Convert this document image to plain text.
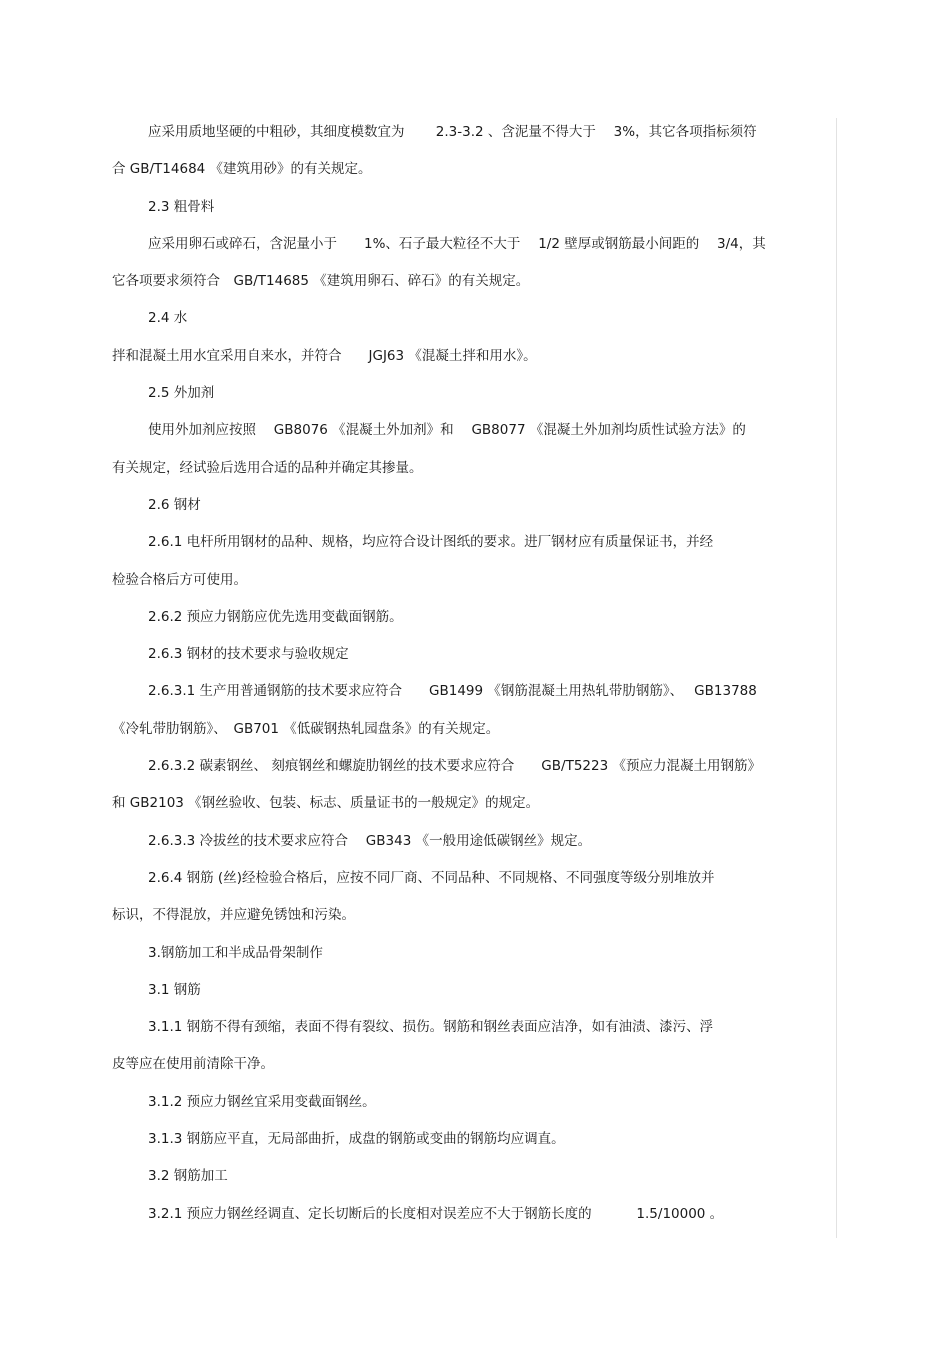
应采用质地坚硬的中粗砂，其细度模数宜为　　 2.3-3.2 、含泥量不得大于　 3%，其它各项指标须符
合 GB/T14684 《建筑用砂》的有关规定。
2.3 粗骨料
应采用卵石或碎石，含泥量小于　　1%、石子最大粒径不大于　 1/2 壁厚或钢筋最小间距的　 3/4，其
它各项要求须符合　GB/T14685 《建筑用卵石、碎石》的有关规定。
2.4 水
拌和混凝土用水宜采用自来水，并符合　　JGJ63 《混凝土拌和用水》。
2.5 外加剂
使用外加剂应按照　 GB8076 《混凝土外加剂》和　 GB8077 《混凝土外加剂均质性试验方法》的
有关规定，经试验后选用合适的品种并确定其掺量。
2.6 钢材
2.6.1 电杆所用钢材的品种、规格，均应符合设计图纸的要求。进厂钢材应有质量保证书，并经
检验合格后方可使用。
2.6.2 预应力钢筋应优先选用变截面钢筋。
2.6.3 钢材的技术要求与验收规定
2.6.3.1 生产用普通钢筋的技术要求应符合　　GB1499 《钢筋混凝土用热轧带肋钢筋》、　 GB13788
《冷轧带肋钢筋》、　GB701 《低碳钢热轧园盘条》的有关规定。
2.6.3.2 碳素钢丝、 刻痕钢丝和螺旋肋钢丝的技术要求应符合　　GB/T5223 《预应力混凝土用钢筋》
和 GB2103 《钢丝验收、包装、标志、质量证书的一般规定》的规定。
2.6.3.3 冷拔丝的技术要求应符合　 GB343 《一般用途低碳钢丝》规定。
2.6.4 钢筋 (丝)经检验合格后，应按不同厂商、不同品种、不同规格、不同强度等级分别堆放并
标识，不得混放，并应避免锈蚀和污染。
3.钢筋加工和半成品骨架制作
3.1 钢筋
3.1.1 钢筋不得有颈缩，表面不得有裂纹、损伤。钢筋和钢丝表面应洁净，如有油渍、漆污、浮
皮等应在使用前清除干净。
3.1.2 预应力钢丝宜采用变截面钢丝。
3.1.3 钢筋应平直，无局部曲折，成盘的钢筋或变曲的钢筋均应调直。
3.2 钢筋加工
3.2.1 预应力钢丝经调直、定长切断后的长度相对误差应不大于钢筋长度的　　　 1.5/10000 。
